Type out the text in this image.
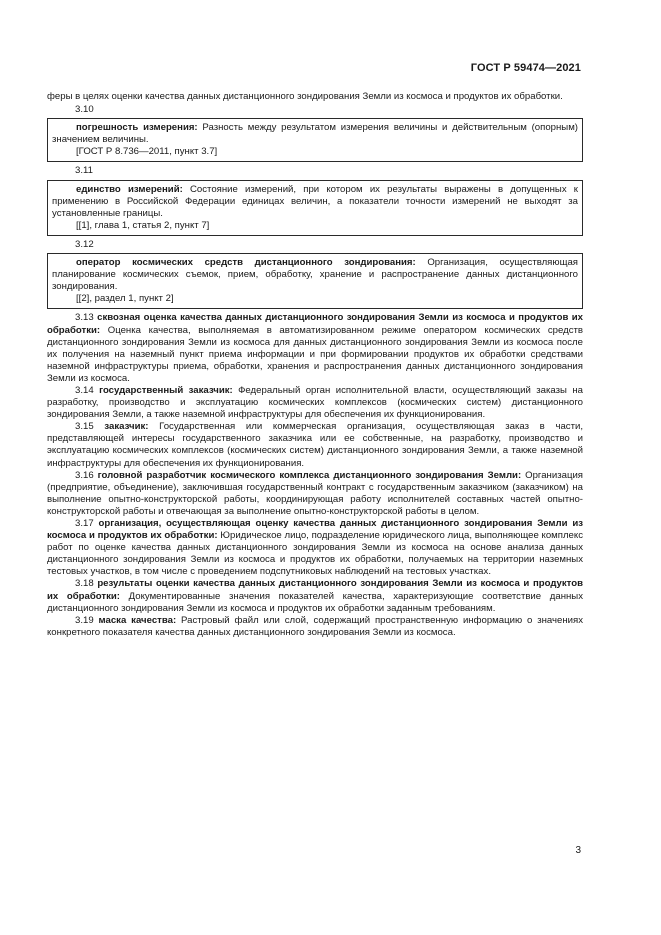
ГОСТ Р 59474—2021

феры в целях оценки качества данных дистанционного зондирования Земли из космоса и продуктов их обработки.

3.10

погрешность измерения: Разность между результатом измерения величины и действительным (опорным) значением величины.

[ГОСТ Р 8.736—2011, пункт 3.7]
3.11

единство измерений: Состояние измерений, при котором их результаты выражены в допущенных к применению в Российской Федерации единицах величин, а показатели точности измерений не выходят за установленные границы.

[[1], глава 1, статья 2, пункт 7]
3.12

оператор космических средств дистанционного зондирования: Организация, осуществляющая планирование космических съемок, прием, обработку, хранение и распространение данных дистанционного зондирования.

[[2], раздел 1, пункт 2]

3.13 сквозная оценка качества данных дистанционного зондирования Земли из космоса и продуктов их обработки: Оценка качества, выполняемая в автоматизированном режиме оператором космических средств дистанционного зондирования Земли из космоса для данных дистанционного зондирования Земли из космоса после их получения на наземный пункт приема информации и при формировании продуктов их обработки средствами наземной инфраструктуры приема, обработки, хранения и распространения данных дистанционного зондирования Земли из космоса.

3.14 государственный заказчик: Федеральный орган исполнительной власти, осуществляющий заказы на разработку, производство и эксплуатацию космических комплексов (космических систем) дистанционного зондирования Земли, а также наземной инфраструктуры для обеспечения их функционирования.

3.15 заказчик: Государственная или коммерческая организация, осуществляющая заказ в части, представляющей интересы государственного заказчика или ее собственные, на разработку, производство и эксплуатацию космических комплексов (космических систем) дистанционного зондирования Земли, а также наземной инфраструктуры для обеспечения их функционирования.

3.16 головной разработчик космического комплекса дистанционного зондирования Земли: Организация (предприятие, объединение), заключившая государственный контракт с государственным заказчиком (заказчиком) на выполнение опытно-конструкторской работы, координирующая работу исполнителей составных частей опытно-конструкторской работы и отвечающая за выполнение опытно-конструкторской работы в целом.

3.17 организация, осуществляющая оценку качества данных дистанционного зондирования Земли из космоса и продуктов их обработки: Юридическое лицо, подразделение юридического лица, выполняющее комплекс работ по оценке качества данных дистанционного зондирования Земли из космоса на основе анализа данных дистанционного зондирования Земли из космоса и продуктов их обработки, получаемых на территории наземных тестовых участков, в том числе с проведением подспутниковых наблюдений на тестовых участках.

3.18 результаты оценки качества данных дистанционного зондирования Земли из космоса и продуктов их обработки: Документированные значения показателей качества, характеризующие соответствие данных дистанционного зондирования Земли из космоса и продуктов их обработки заданным требованиям.

3.19 маска качества: Растровый файл или слой, содержащий пространственную информацию о значениях конкретного показателя качества данных дистанционного зондирования Земли из космоса.

3
